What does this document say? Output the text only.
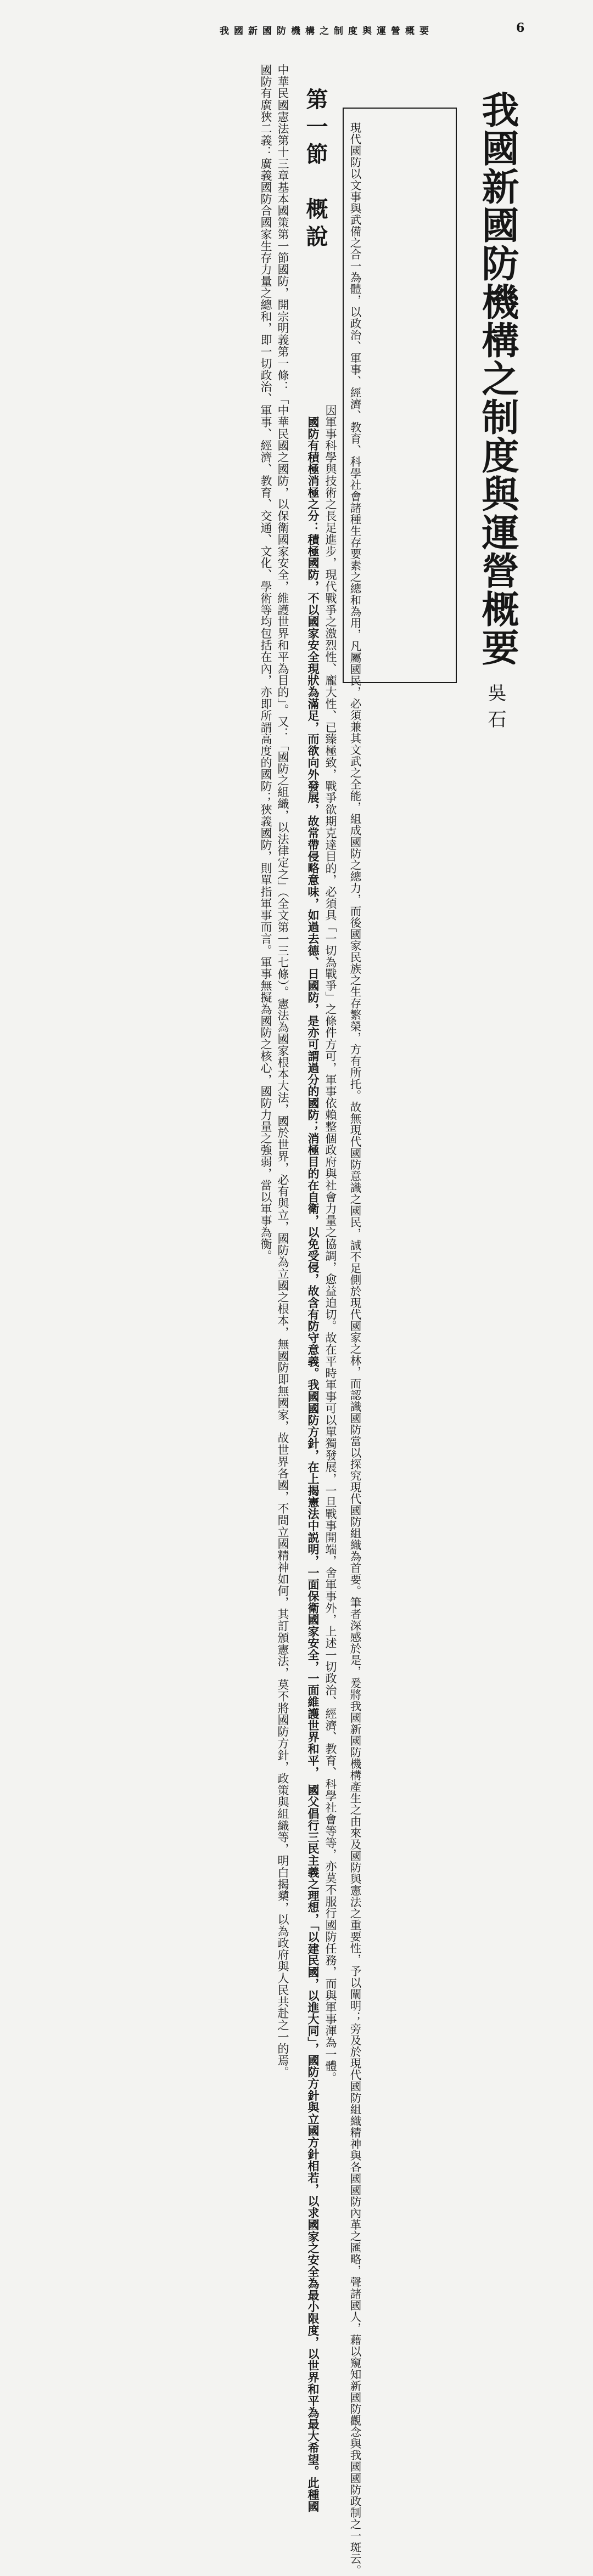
我國新國防機構之制度與運營概要	6
我國新國防機構之制度與運營概要
吳石
現代國防以文事與武備之合一為體，以政治、軍事、經濟、教育、科學社會諸種生存要素之總和為用，凡屬國民，必須兼其文武之全能，組成國防之總力，而後國家民族之生存繁榮，方有所托。故無現代國防意識之國民，誠不足側於現代國家之林，而認識國防當以探究現代國防組織為首要。筆者深感於是，爰將我國新國防機構產生之由來及國防與憲法之重要性，予以闡明；旁及於現代國防組織精神與各國國防內革之匯略，聲諸國人，藉以窺知新國防觀念與我國國防政制之一斑云。
第一節　概說
　中華民國憲法第十三章基本國策第一節國防，開宗明義第一條：「中華民國之國防，以保衛國家安全，維護世界和平為目的」。又：「國防之組織，以法律定之」（全文第一三七條）。憲法為國家根本大法，國於世界，必有與立，國防為立國之根本，無國防即無國家，故世界各國，不問立國精神如何，其訂頒憲法，莫不將國防方針，政策與組織等，明白揭櫫，以為政府與人民共赴之一的焉。
　國防有廣狹二義：廣義國防合國家生存力量之總和，即一切政治、軍事、經濟、教育、交通、文化、學術等均包括在內，亦即所謂高度的國防；狹義國防，則單指軍事而言。軍事無擬為國防之核心，國防力量之強弱，當以軍事為衡。	因軍事科學與技術之長足進步，現代戰爭之激烈性、龐大性、已臻極致，戰爭欲期克達目的，必須具「一切為戰爭」之條件方可，軍事依賴整個政府與社會力量之協調，愈益迫切。故在平時軍事可以單獨發展，一旦戰事開端，舍軍事外，上述一切政治、經濟、教育、科學社會等等，亦莫不服行國防任務，而與軍事渾為一體。
　國防有積極消極之分：積極國防，不以國家安全現狀為滿足，而欲向外發展，故常帶侵略意味，如過去德、日國防，是亦可謂過分的國防；消極目的在自衛，以免受侵，故含有防守意義。我國國防方針，在上揭憲法中説明，一面保衛國家安全，一面維護世界和平，　國父倡行三民主義之理想，「以建民國，以進大同」，國防方針與立國方針相若，以求國家之安全為最小限度，以世界和平為最大希望。此種國
